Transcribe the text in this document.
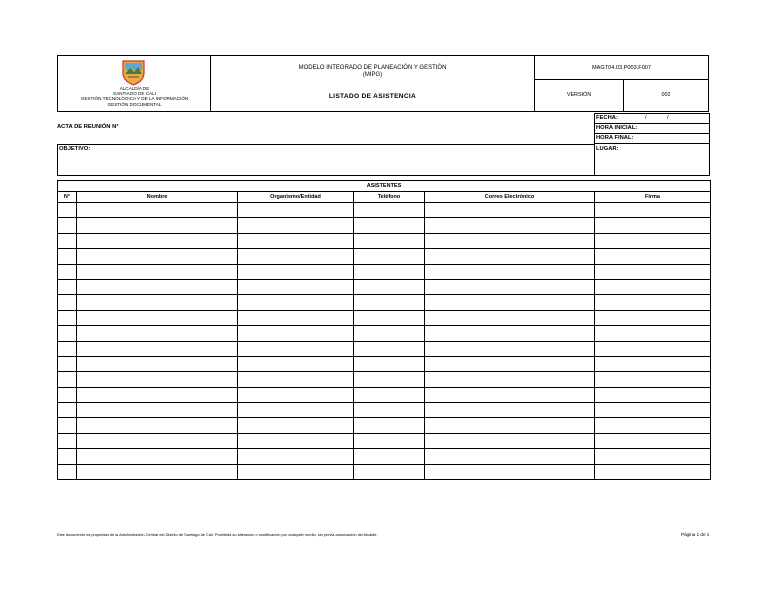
ALCALDÍA DE
SANTIAGO DE CALI
GESTIÓN TECNOLÓGICA Y DE LA INFORMACIÓN
GESTIÓN DOCUMENTAL
MODELO INTEGRADO DE PLANEACIÓN Y GESTIÓN
(MIPG)
LISTADO DE ASISTENCIA
MAGT04.03.P003.F007
VERSIÓN	002
ACTA DE REUNIÓN N°
OBJETIVO:
FECHA:	/	/
HORA INICIAL:
HORA FINAL:
LUGAR:
ASISTENTES					
N°	Nombre	Organismo/Entidad	Teléfono	Correo Electrónico	Firma

Este documento es propiedad de la Administración Central del Distrito de Santiago de Cali. Prohibida su alteración o modificación por cualquier medio, sin previa autorización del Alcalde.	Página 1 de 1
